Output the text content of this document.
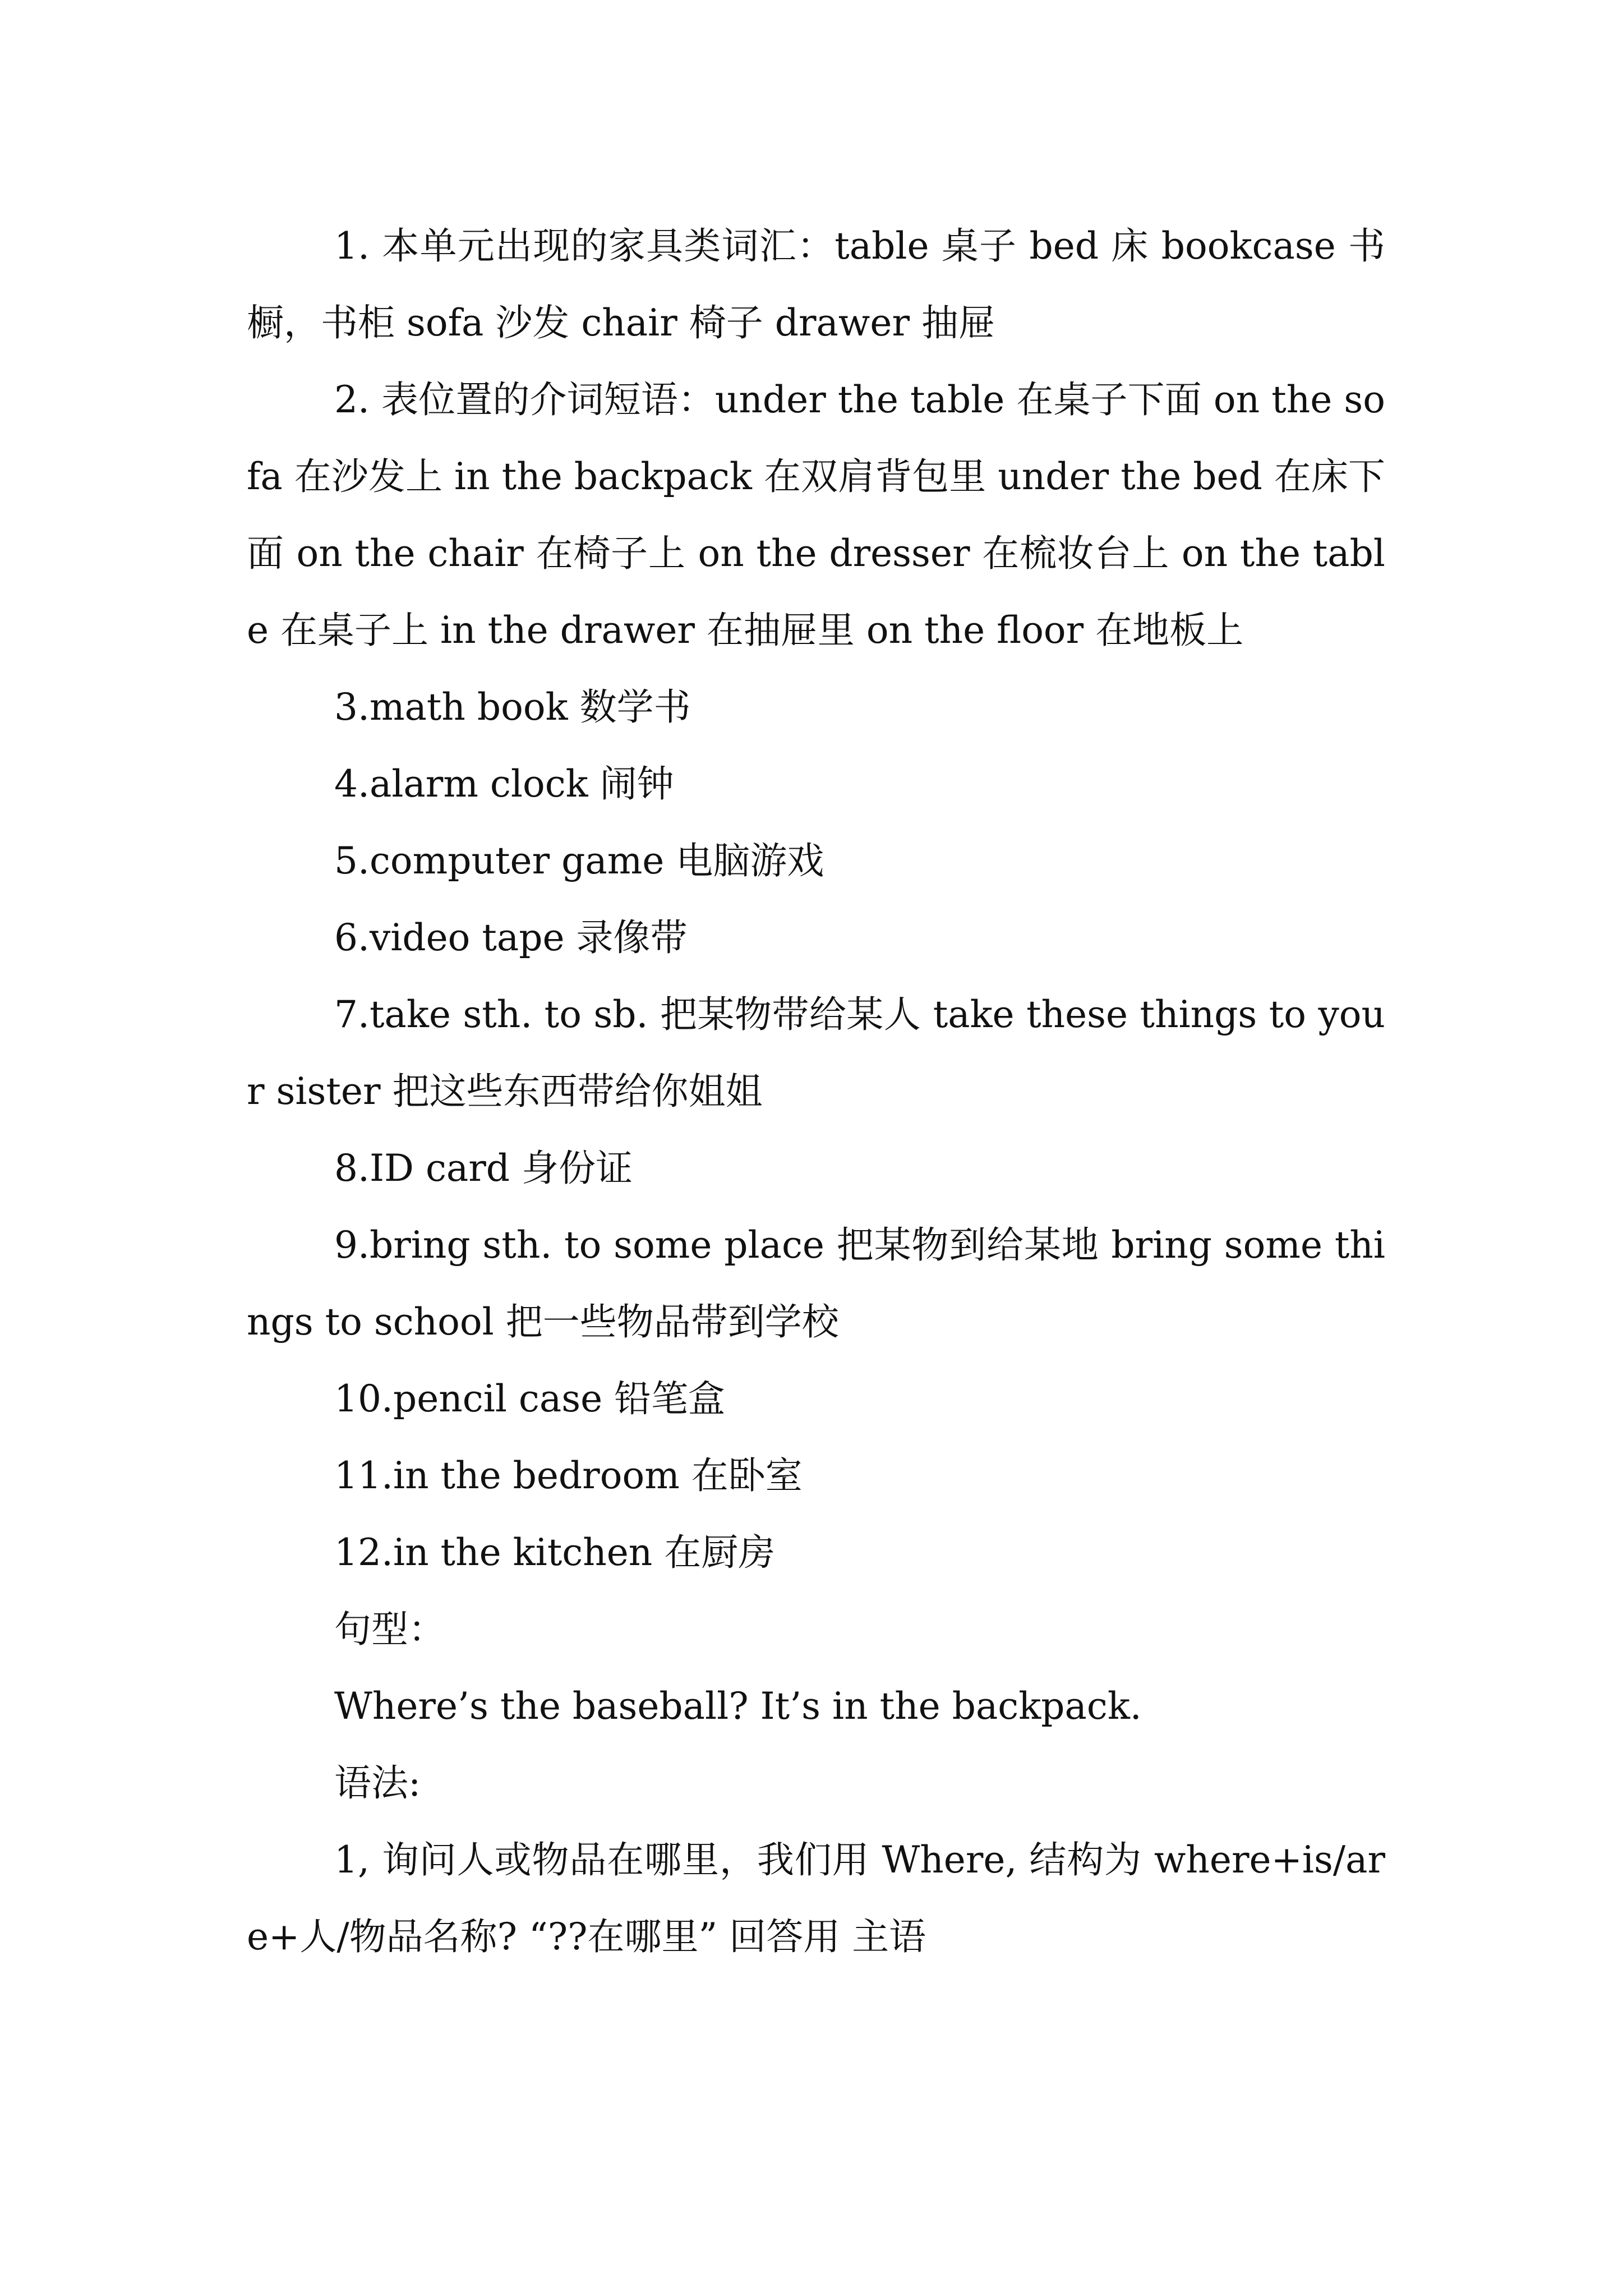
1. 本单元出现的家具类词汇：table 桌子 bed 床 bookcase 书橱，书柜 sofa 沙发 chair 椅子 drawer 抽屉

2. 表位置的介词短语：under the table 在桌子下面 on the sofa 在沙发上 in the backpack 在双肩背包里 under the bed 在床下面 on the chair 在椅子上 on the dresser 在梳妆台上 on the table 在桌子上 in the drawer 在抽屉里 on the floor 在地板上

3.math book 数学书

4.alarm clock 闹钟

5.computer game 电脑游戏

6.video tape 录像带

7.take sth. to sb. 把某物带给某人 take these things to your sister 把这些东西带给你姐姐

8.ID card 身份证

9.bring sth. to some place 把某物到给某地 bring some things to school 把一些物品带到学校

10.pencil case 铅笔盒

11.in the bedroom 在卧室

12.in the kitchen 在厨房

句型：

Where’s the baseball? It’s in the backpack.

语法:

1, 询问人或物品在哪里，我们用 Where, 结构为 where+is/are+人/物品名称? “??在哪里” 回答用 主语
